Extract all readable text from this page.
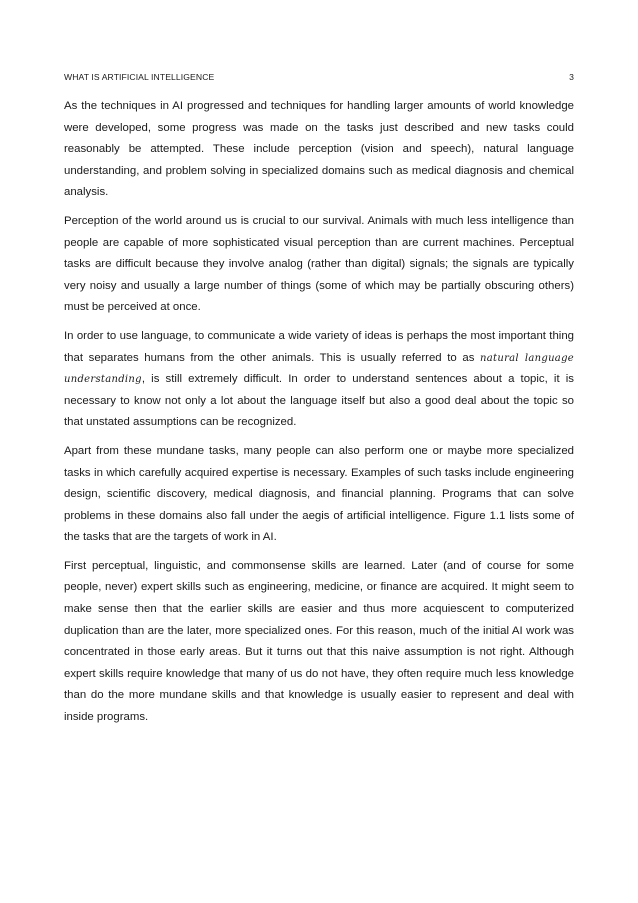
WHAT IS ARTIFICIAL INTELLIGENCE	3

As the techniques in AI progressed and techniques for handling larger amounts of world knowledge were developed, some progress was made on the tasks just described and new tasks could reasonably be attempted. These include perception (vision and speech), natural language understanding, and problem solving in specialized domains such as medical diagnosis and chemical analysis.

Perception of the world around us is crucial to our survival. Animals with much less intelligence than people are capable of more sophisticated visual perception than are current machines. Perceptual tasks are difficult because they involve analog (rather than digital) signals; the signals are typically very noisy and usually a large number of things (some of which may be partially obscuring others) must be perceived at once.

In order to use language, to communicate a wide variety of ideas is perhaps the most important thing that separates humans from the other animals. This is usually referred to as natural language understanding, is still extremely difficult. In order to understand sentences about a topic, it is necessary to know not only a lot about the language itself but also a good deal about the topic so that unstated assumptions can be recognized.

Apart from these mundane tasks, many people can also perform one or maybe more specialized tasks in which carefully acquired expertise is necessary. Examples of such tasks include engineering design, scientific discovery, medical diagnosis, and financial planning. Programs that can solve problems in these domains also fall under the aegis of artificial intelligence. Figure 1.1 lists some of the tasks that are the targets of work in AI.

First perceptual, linguistic, and commonsense skills are learned. Later (and of course for some people, never) expert skills such as engineering, medicine, or finance are acquired. It might seem to make sense then that the earlier skills are easier and thus more acquiescent to computerized duplication than are the later, more specialized ones. For this reason, much of the initial AI work was concentrated in those early areas. But it turns out that this naive assumption is not right. Although expert skills require knowledge that many of us do not have, they often require much less knowledge than do the more mundane skills and that knowledge is usually easier to represent and deal with inside programs.
